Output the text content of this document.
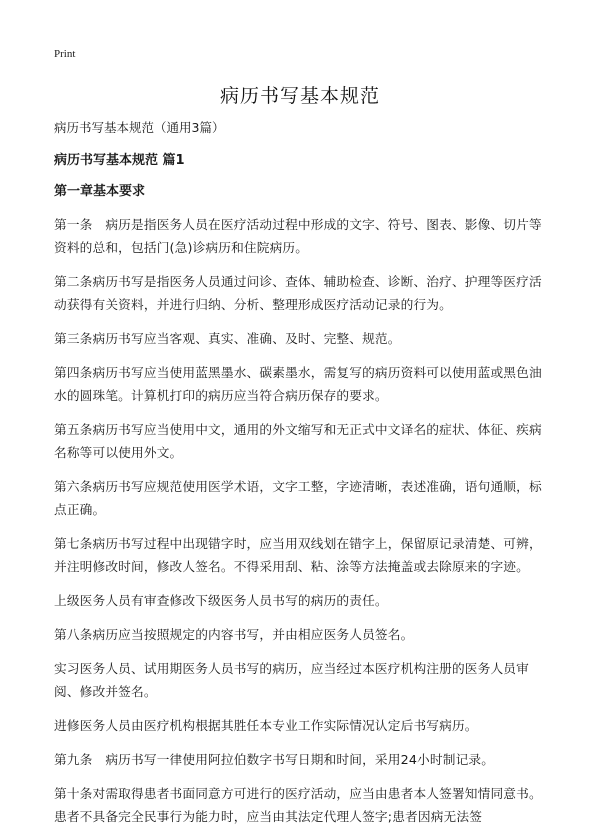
Print
病历书写基本规范

病历书写基本规范（通用3篇）

病历书写基本规范 篇1

第一章基本要求

第一条　病历是指医务人员在医疗活动过程中形成的文字、符号、图表、影像、切片等资料的总和，包括门(急)诊病历和住院病历。

第二条病历书写是指医务人员通过问诊、查体、辅助检查、诊断、治疗、护理等医疗活动获得有关资料，并进行归纳、分析、整理形成医疗活动记录的行为。

第三条病历书写应当客观、真实、准确、及时、完整、规范。

第四条病历书写应当使用蓝黑墨水、碳素墨水，需复写的病历资料可以使用蓝或黑色油水的圆珠笔。计算机打印的病历应当符合病历保存的要求。

第五条病历书写应当使用中文，通用的外文缩写和无正式中文译名的症状、体征、疾病名称等可以使用外文。

第六条病历书写应规范使用医学术语，文字工整，字迹清晰，表述准确，语句通顺，标点正确。

第七条病历书写过程中出现错字时，应当用双线划在错字上，保留原记录清楚、可辨，并注明修改时间，修改人签名。不得采用刮、粘、涂等方法掩盖或去除原来的字迹。

上级医务人员有审查修改下级医务人员书写的病历的责任。

第八条病历应当按照规定的内容书写，并由相应医务人员签名。

实习医务人员、试用期医务人员书写的病历，应当经过本医疗机构注册的医务人员审阅、修改并签名。

进修医务人员由医疗机构根据其胜任本专业工作实际情况认定后书写病历。

第九条　病历书写一律使用阿拉伯数字书写日期和时间，采用24小时制记录。

第十条对需取得患者书面同意方可进行的医疗活动，应当由患者本人签署知情同意书。患者不具备完全民事行为能力时，应当由其法定代理人签字;患者因病无法签
